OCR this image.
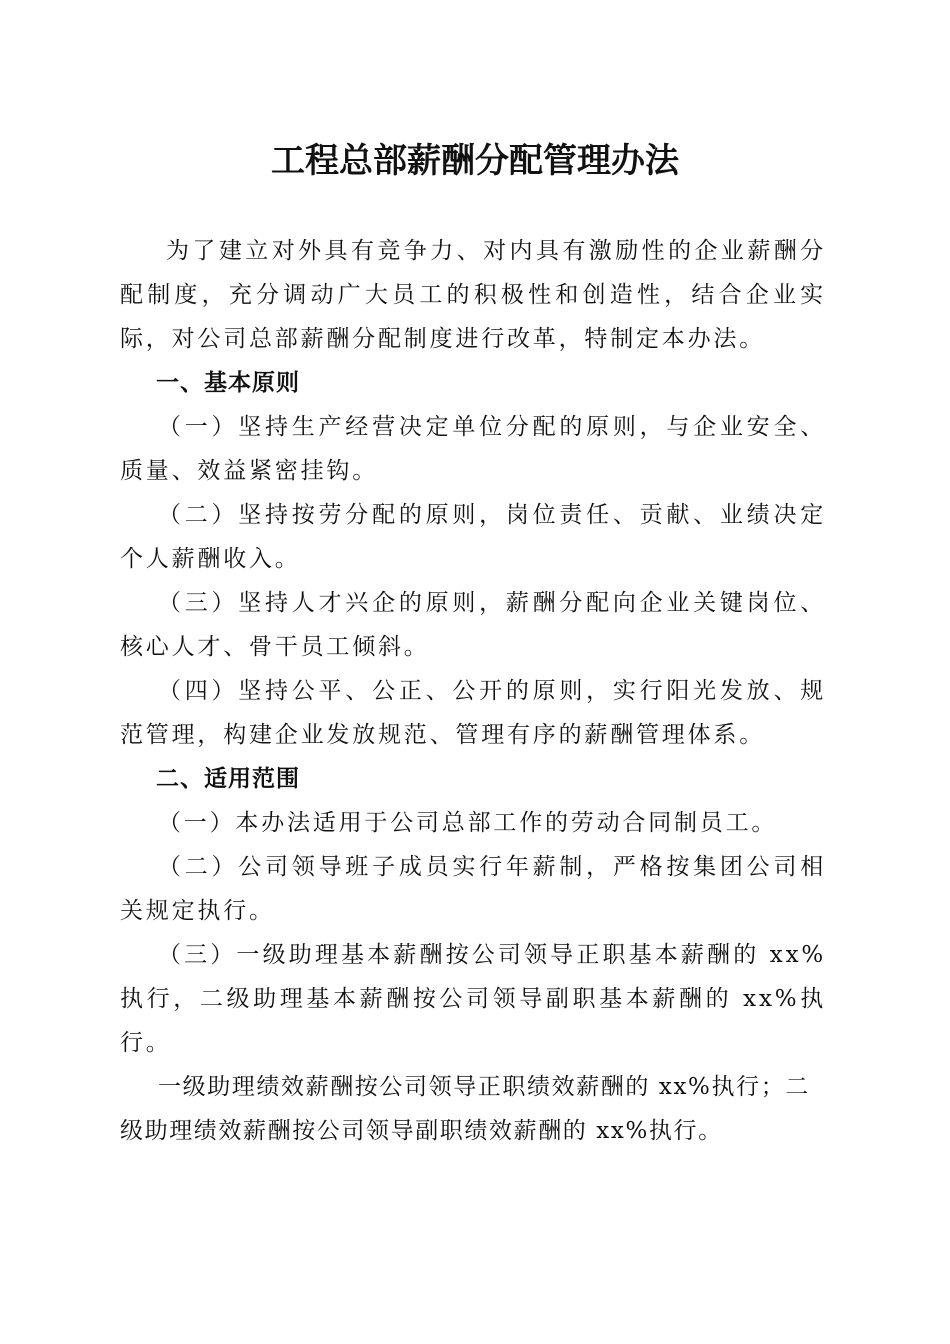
工程总部薪酬分配管理办法

为了建立对外具有竞争力、对内具有激励性的企业薪酬分配制度，充分调动广大员工的积极性和创造性，结合企业实际，对公司总部薪酬分配制度进行改革，特制定本办法。

一、基本原则

（一）坚持生产经营决定单位分配的原则，与企业安全、质量、效益紧密挂钩。

（二）坚持按劳分配的原则，岗位责任、贡献、业绩决定个人薪酬收入。

（三）坚持人才兴企的原则，薪酬分配向企业关键岗位、核心人才、骨干员工倾斜。

（四）坚持公平、公正、公开的原则，实行阳光发放、规范管理，构建企业发放规范、管理有序的薪酬管理体系。

二、适用范围

（一）本办法适用于公司总部工作的劳动合同制员工。

（二）公司领导班子成员实行年薪制，严格按集团公司相关规定执行。

（三）一级助理基本薪酬按公司领导正职基本薪酬的 xx%执行，二级助理基本薪酬按公司领导副职基本薪酬的 xx%执行。

一级助理绩效薪酬按公司领导正职绩效薪酬的 xx%执行；二级助理绩效薪酬按公司领导副职绩效薪酬的 xx%执行。
